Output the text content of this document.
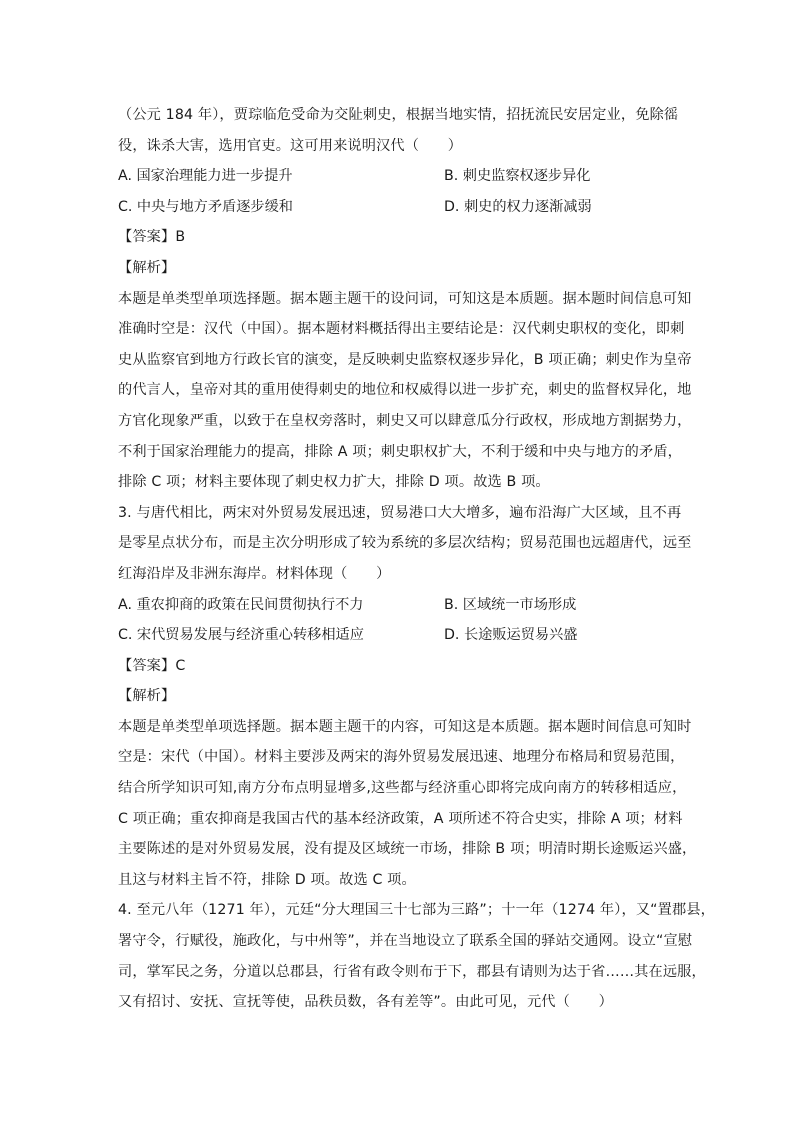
（公元 184 年），贾琮临危受命为交阯刺史，根据当地实情，招抚流民安居定业，免除徭
役，诛杀大害，选用官吏。这可用来说明汉代（　　）
A. 国家治理能力进一步提升	B. 刺史监察权逐步异化
C. 中央与地方矛盾逐步缓和	D. 刺史的权力逐渐减弱
【答案】B
【解析】
本题是单类型单项选择题。据本题主题干的设问词，可知这是本质题。据本题时间信息可知
准确时空是：汉代（中国）。据本题材料概括得出主要结论是：汉代刺史职权的变化，即刺
史从监察官到地方行政长官的演变，是反映刺史监察权逐步异化，B 项正确；刺史作为皇帝
的代言人，皇帝对其的重用使得刺史的地位和权威得以进一步扩充，刺史的监督权异化，地
方官化现象严重，以致于在皇权旁落时，刺史又可以肆意瓜分行政权，形成地方割据势力，
不利于国家治理能力的提高，排除 A 项；刺史职权扩大，不利于缓和中央与地方的矛盾，
排除 C 项；材料主要体现了刺史权力扩大，排除 D 项。故选 B 项。
3. 与唐代相比，两宋对外贸易发展迅速，贸易港口大大增多，遍布沿海广大区域，且不再
是零星点状分布，而是主次分明形成了较为系统的多层次结构；贸易范围也远超唐代，远至
红海沿岸及非洲东海岸。材料体现（　　）
A. 重农抑商的政策在民间贯彻执行不力	B. 区域统一市场形成
C. 宋代贸易发展与经济重心转移相适应	D. 长途贩运贸易兴盛
【答案】C
【解析】
本题是单类型单项选择题。据本题主题干的内容，可知这是本质题。据本题时间信息可知时
空是：宋代（中国）。材料主要涉及两宋的海外贸易发展迅速、地理分布格局和贸易范围，
结合所学知识可知,南方分布点明显增多,这些都与经济重心即将完成向南方的转移相适应，
C 项正确；重农抑商是我国古代的基本经济政策，A 项所述不符合史实，排除 A 项；材料
主要陈述的是对外贸易发展，没有提及区域统一市场，排除 B 项；明清时期长途贩运兴盛，
且这与材料主旨不符，排除 D 项。故选 C 项。
4. 至元八年（1271 年），元廷“分大理国三十七部为三路”；十一年（1274 年），又“置郡县，
署守令，行赋役，施政化，与中州等”，并在当地设立了联系全国的驿站交通网。设立“宣慰
司，掌军民之务，分道以总郡县，行省有政令则布于下，郡县有请则为达于省……其在远服，
又有招讨、安抚、宣抚等使，品秩员数，各有差等”。由此可见，元代（　　）
